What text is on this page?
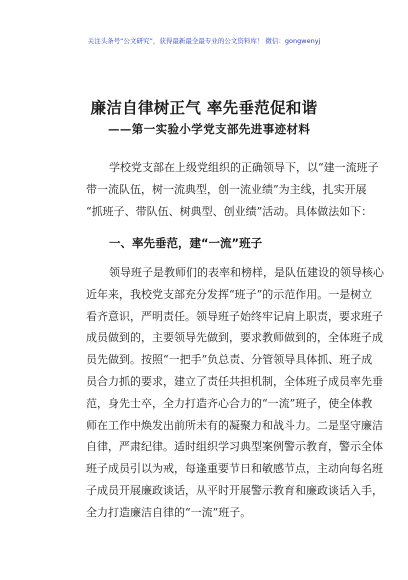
关注头条号“公文研究”，获得最新最全最专业的公文资料库！ 微信：gongwenyj
廉洁自律树正气 率先垂范促和谐
——第一实验小学党支部先进事迹材料
学校党支部在上级党组织的正确领导下，以“建一流班子
带一流队伍，树一流典型，创一流业绩”为主线，扎实开展
“抓班子、带队伍、树典型、创业绩”活动。具体做法如下：
一、率先垂范，建“一流”班子
领导班子是教师们的表率和榜样，是队伍建设的领导核心
近年来，我校党支部充分发挥“班子”的示范作用。一是树立
看齐意识，严明责任。领导班子始终牢记肩上职责，要求班子
成员做到的，主要领导先做到，要求教师做到的，全体班子成
员先做到。按照“一把手”负总责、分管领导具体抓、班子成
员合力抓的要求，建立了责任共担机制，全体班子成员率先垂
范，身先士卒，全力打造齐心合力的“一流”班子，使全体教
师在工作中焕发出前所未有的凝聚力和战斗力。二是坚守廉洁
自律，严肃纪律。适时组织学习典型案例警示教育，警示全体
班子成员引以为戒，每逢重要节日和敏感节点，主动向每名班
子成员开展廉政谈话，从平时开展警示教育和廉政谈话入手，
全力打造廉洁自律的“一流”班子。
